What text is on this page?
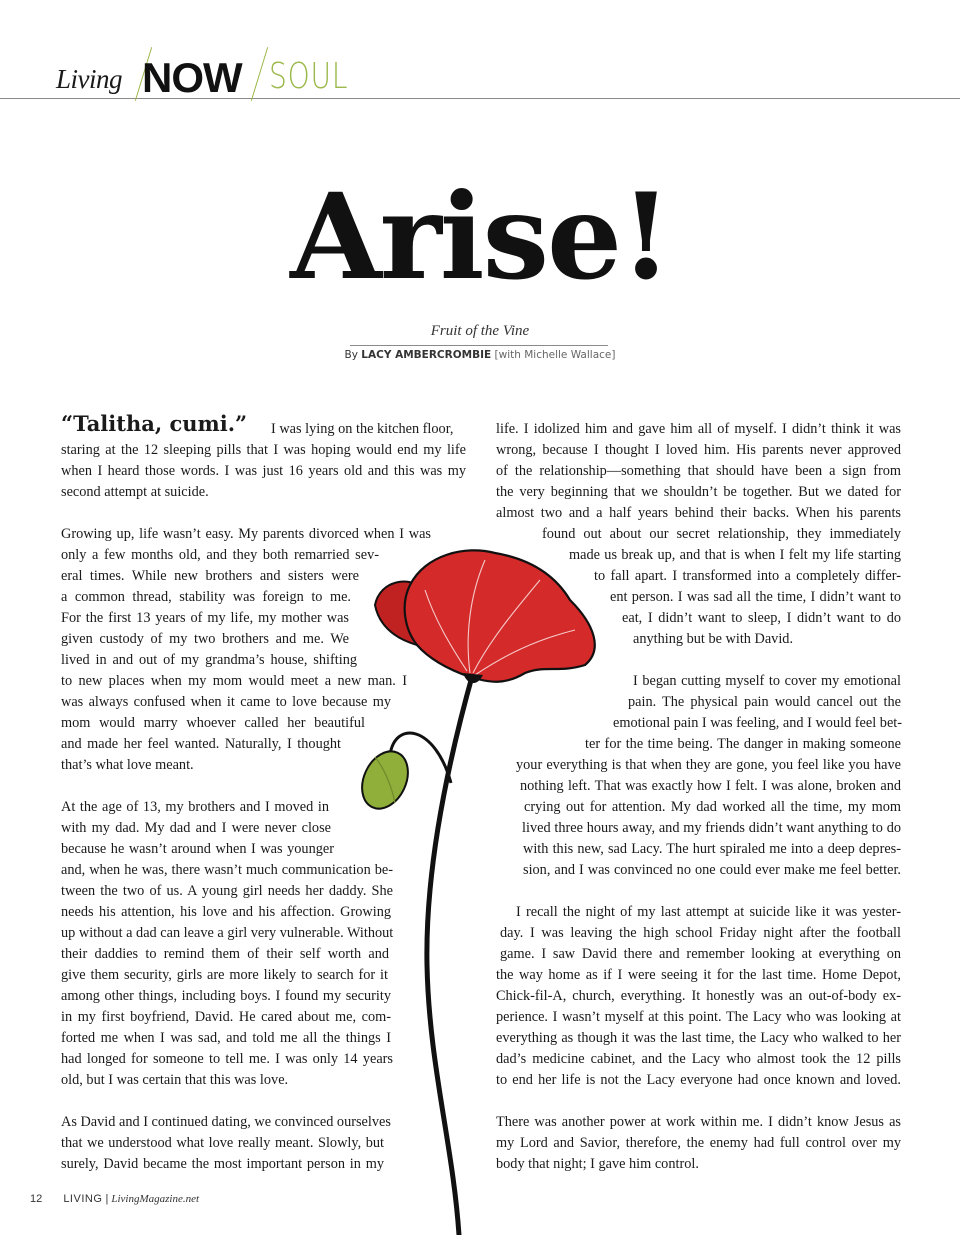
Living NOW SOUL
Arise!
Fruit of the Vine
By LACY AMBERCROMBIE [with Michelle Wallace]
“Talitha, cumi.” I was lying on the kitchen floor,
staring at the 12 sleeping pills that I was hoping would end my life
when I heard those words. I was just 16 years old and this was my
second attempt at suicide.
Growing up, life wasn’t easy. My parents divorced when I was
only a few months old, and they both remarried sev-
eral times. While new brothers and sisters were
a common thread, stability was foreign to me.
For the first 13 years of my life, my mother was
given custody of my two brothers and me. We
lived in and out of my grandma’s house, shifting
to new places when my mom would meet a new man. I
was always confused when it came to love because my
mom would marry whoever called her beautiful
and made her feel wanted. Naturally, I thought
that’s what love meant.
At the age of 13, my brothers and I moved in
with my dad. My dad and I were never close
because he wasn’t around when I was younger
and, when he was, there wasn’t much communication be-
tween the two of us. A young girl needs her daddy. She
needs his attention, his love and his affection. Growing
up without a dad can leave a girl very vulnerable. Without
their daddies to remind them of their self worth and
give them security, girls are more likely to search for it
among other things, including boys. I found my security
in my first boyfriend, David. He cared about me, com-
forted me when I was sad, and told me all the things I
had longed for someone to tell me. I was only 14 years
old, but I was certain that this was love.
As David and I continued dating, we convinced ourselves
that we understood what love really meant. Slowly, but
surely, David became the most important person in my
life. I idolized him and gave him all of myself. I didn’t think it was
wrong, because I thought I loved him. His parents never approved
of the relationship—something that should have been a sign from
the very beginning that we shouldn’t be together. But we dated for
almost two and a half years behind their backs. When his parents
found out about our secret relationship, they immediately
made us break up, and that is when I felt my life starting
to fall apart. I transformed into a completely differ-
ent person. I was sad all the time, I didn’t want to
eat, I didn’t want to sleep, I didn’t want to do
anything but be with David.
I began cutting myself to cover my emotional
pain. The physical pain would cancel out the
emotional pain I was feeling, and I would feel bet-
ter for the time being. The danger in making someone
your everything is that when they are gone, you feel like you have
nothing left. That was exactly how I felt. I was alone, broken and
crying out for attention. My dad worked all the time, my mom
lived three hours away, and my friends didn’t want anything to do
with this new, sad Lacy. The hurt spiraled me into a deep depres-
sion, and I was convinced no one could ever make me feel better.
I recall the night of my last attempt at suicide like it was yester-
day. I was leaving the high school Friday night after the football
game. I saw David there and remember looking at everything on
the way home as if I were seeing it for the last time. Home Depot,
Chick-fil-A, church, everything. It honestly was an out-of-body ex-
perience. I wasn’t myself at this point. The Lacy who was looking at
everything as though it was the last time, the Lacy who walked to her
dad’s medicine cabinet, and the Lacy who almost took the 12 pills
to end her life is not the Lacy everyone had once known and loved.
There was another power at work within me. I didn’t know Jesus as
my Lord and Savior, therefore, the enemy had full control over my
body that night; I gave him control.
12 LIVING | LivingMagazine.net
